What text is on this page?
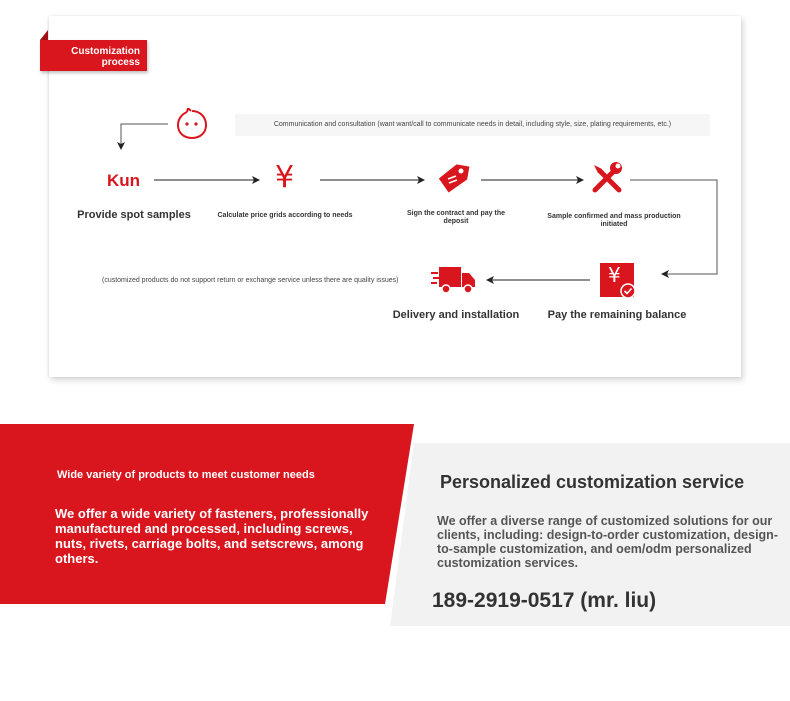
Customization
process
Communication and consultation (want want/call to communicate needs in detail, including style, size, plating requirements, etc.)
Kun
Provide spot samples
¥
Calculate price grids according to needs	Sign the contract and pay the deposit
Sample confirmed and mass production initiated
¥
Pay the remaining balance
Delivery and installation
(customized products do not support return or exchange service unless there are quality issues)
Wide variety of products to meet customer needs
We offer a wide variety of fasteners, professionally manufactured and processed, including screws, nuts, rivets, carriage bolts, and setscrews, among others.
Personalized customization service
We offer a diverse range of customized solutions for our clients, including: design-to-order customization, design-to-sample customization, and oem/odm personalized customization services.
189-2919-0517 (mr. liu)
